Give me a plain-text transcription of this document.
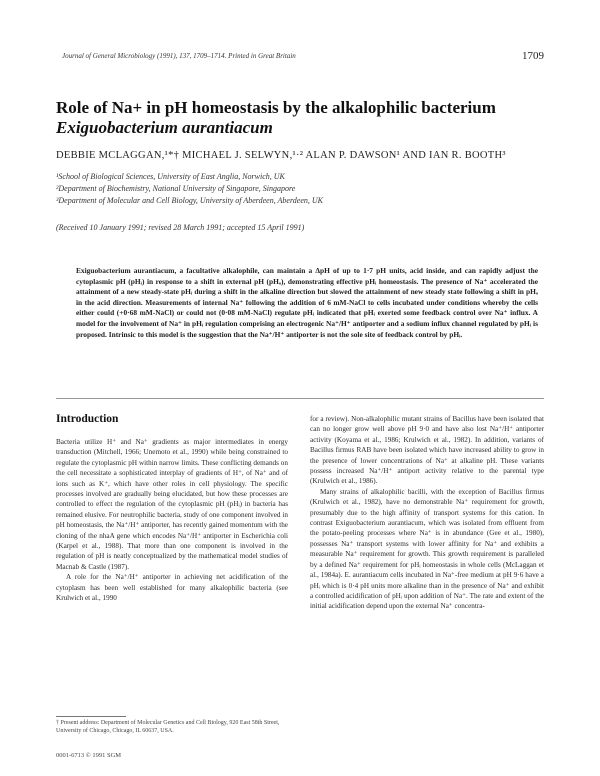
Journal of General Microbiology (1991), 137, 1709–1714. Printed in Great Britain	1709
Role of Na+ in pH homeostasis by the alkalophilic bacterium
Exiguobacterium aurantiacum
DEBBIE MCLAGGAN,¹*† MICHAEL J. SELWYN,¹·² ALAN P. DAWSON¹ AND IAN R. BOOTH³
¹School of Biological Sciences, University of East Anglia, Norwich, UK
²Department of Biochemistry, National University of Singapore, Singapore
³Department of Molecular and Cell Biology, University of Aberdeen, Aberdeen, UK
(Received 10 January 1991; revised 28 March 1991; accepted 15 April 1991)
Exiguobacterium aurantiacum, a facultative alkalophile, can maintain a ΔpH of up to 1·7 pH units, acid inside, and can rapidly adjust the cytoplasmic pH (pHᵢ) in response to a shift in external pH (pHₒ), demonstrating effective pHᵢ homeostasis. The presence of Na⁺ accelerated the attainment of a new steady-state pHᵢ during a shift in the alkaline direction but slowed the attainment of new steady state following a shift in pHₒ in the acid direction. Measurements of internal Na⁺ following the addition of 6 mM-NaCl to cells incubated under conditions whereby the cells either could (+0·68 mM-NaCl) or could not (0·08 mM-NaCl) regulate pHᵢ indicated that pHᵢ exerted some feedback control over Na⁺ influx. A model for the involvement of Na⁺ in pHᵢ regulation comprising an electrogenic Na⁺/H⁺ antiporter and a sodium influx channel regulated by pHᵢ is proposed. Intrinsic to this model is the suggestion that the Na⁺/H⁺ antiporter is not the sole site of feedback control by pHᵢ.
Introduction

Bacteria utilize H⁺ and Na⁺ gradients as major intermediates in energy transduction (Mitchell, 1966; Unemoto et al., 1990) while being constrained to regulate the cytoplasmic pH within narrow limits. These conflicting demands on the cell necessitate a sophisticated interplay of gradients of H⁺, of Na⁺ and of ions such as K⁺, which have other roles in cell physiology. The specific processes involved are gradually being elucidated, but how these processes are controlled to effect the regulation of the cytoplasmic pH (pHᵢ) in bacteria has remained elusive. For neutrophilic bacteria, study of one component involved in pH homeostasis, the Na⁺/H⁺ antiporter, has recently gained momentum with the cloning of the nhaA gene which encodes Na⁺/H⁺ antiporter in Escherichia coli (Karpel et al., 1988). That more than one component is involved in the regulation of pH is neatly conceptualized by the mathematical model studies of Macnab & Castle (1987).

A role for the Na⁺/H⁺ antiporter in achieving net acidification of the cytoplasm has been well established for many alkalophilic bacteria (see Krulwich et al., 1990

for a review). Non-alkalophilic mutant strains of Bacillus have been isolated that can no longer grow well above pH 9·0 and have also lost Na⁺/H⁺ antiporter activity (Koyama et al., 1986; Krulwich et al., 1982). In addition, variants of Bacillus firmus RAB have been isolated which have increased ability to grow in the presence of lower concentrations of Na⁺ at alkaline pH. These variants possess increased Na⁺/H⁺ antiport activity relative to the parental type (Krulwich et al., 1986).

Many strains of alkalophilic bacilli, with the exception of Bacillus firmus (Krulwich et al., 1982), have no demonstrable Na⁺ requirement for growth, presumably due to the high affinity of transport systems for this cation. In contrast Exiguobacterium aurantiacum, which was isolated from effluent from the potato-peeling processes where Na⁺ is in abundance (Gee et al., 1980), possesses Na⁺ transport systems with lower affinity for Na⁺ and exhibits a measurable Na⁺ requirement for growth. This growth requirement is paralleled by a defined Na⁺ requirement for pHᵢ homeostasis in whole cells (McLaggan et al., 1984a). E. aurantiacum cells incubated in Na⁺-free medium at pH 9·6 have a pHᵢ which is 0·4 pH units more alkaline than in the presence of Na⁺ and exhibit a controlled acidification of pHᵢ upon addition of Na⁺. The rate and extent of the initial acidification depend upon the external Na⁺ concentra-

† Present address: Department of Molecular Genetics and Cell Biology, 920 East 58th Street, University of Chicago, Chicago, IL 60637, USA.
0001-6713 © 1991 SGM
